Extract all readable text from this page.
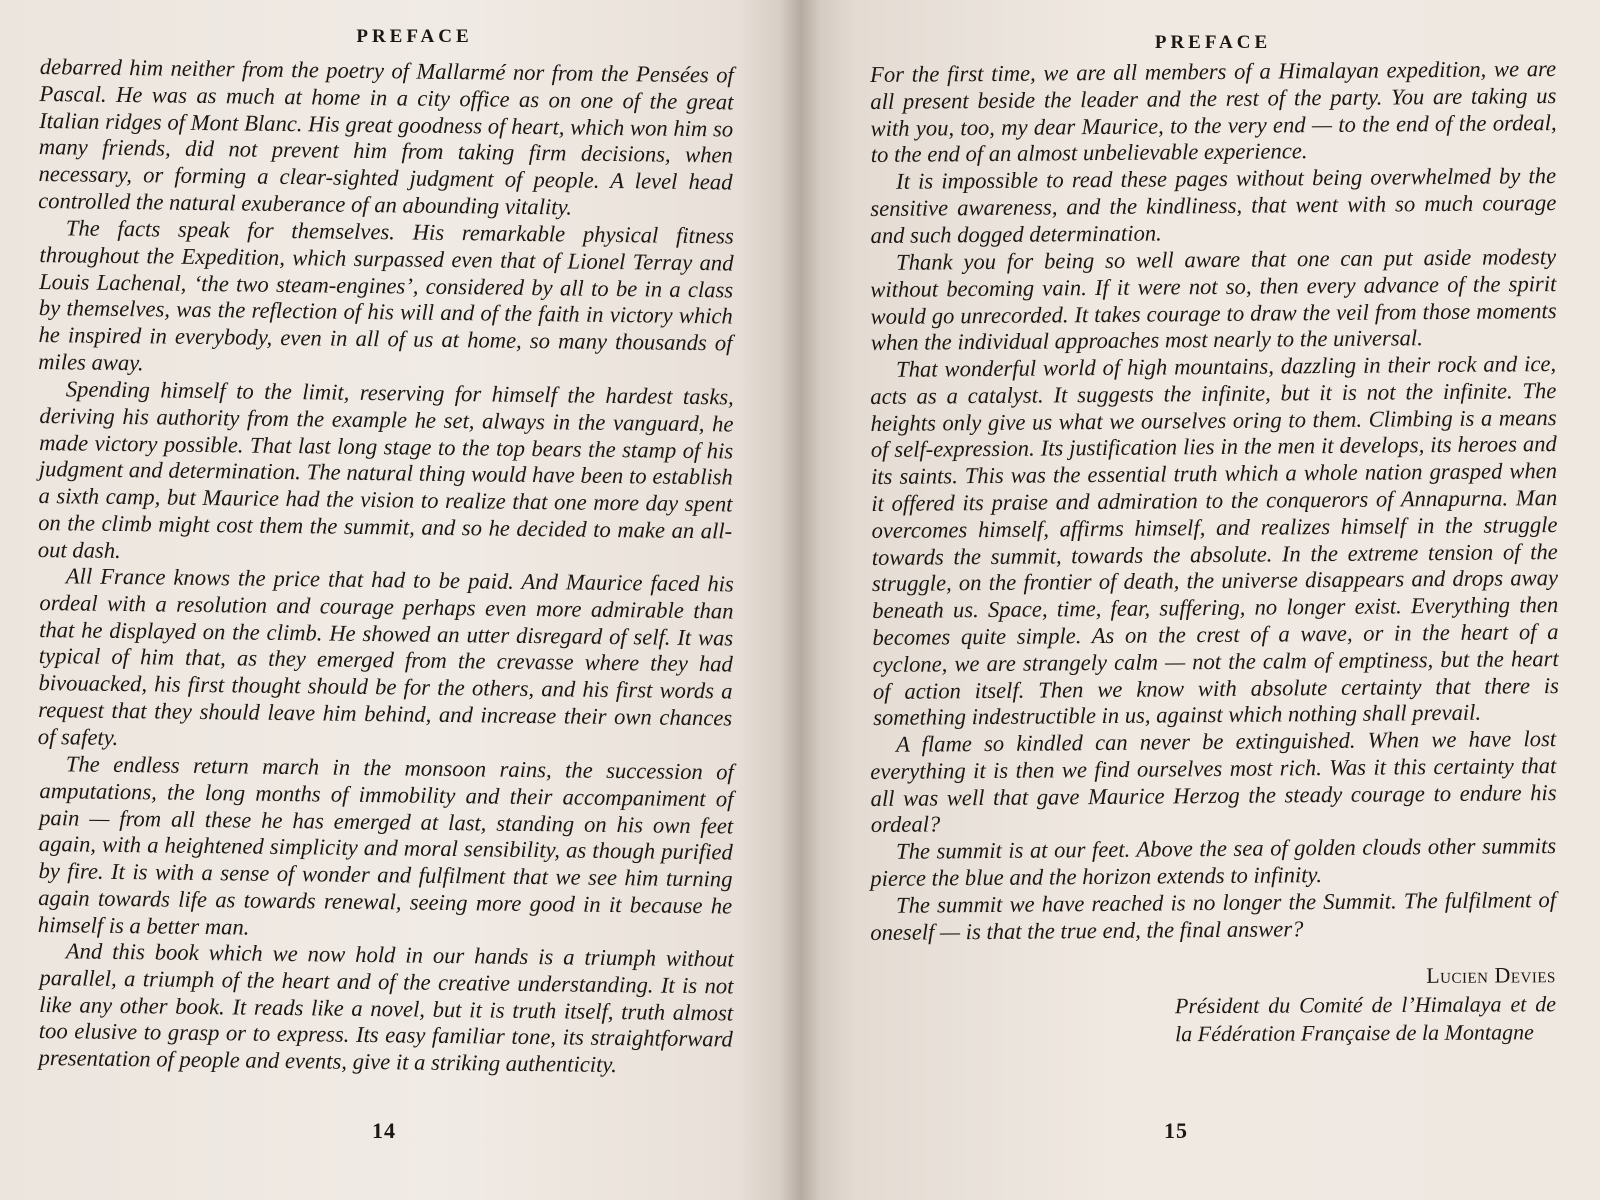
PREFACE

debarred him neither from the poetry of Mallarmé nor from the Pensées of Pascal. He was as much at home in a city office as on one of the great Italian ridges of Mont Blanc. His great goodness of heart, which won him so many friends, did not prevent him from taking firm decisions, when necessary, or forming a clear-sighted judgment of people. A level head controlled the natural exuberance of an abounding vitality.

The facts speak for themselves. His remarkable physical fitness throughout the Expedition, which surpassed even that of Lionel Terray and Louis Lachenal, ‘the two steam-engines’, considered by all to be in a class by themselves, was the reflection of his will and of the faith in victory which he inspired in everybody, even in all of us at home, so many thousands of miles away.

Spending himself to the limit, reserving for himself the hardest tasks, deriving his authority from the example he set, always in the vanguard, he made victory possible. That last long stage to the top bears the stamp of his judgment and determination. The natural thing would have been to establish a sixth camp, but Maurice had the vision to realize that one more day spent on the climb might cost them the summit, and so he decided to make an all-out dash.

All France knows the price that had to be paid. And Maurice faced his ordeal with a resolution and courage perhaps even more admirable than that he displayed on the climb. He showed an utter disregard of self. It was typical of him that, as they emerged from the crevasse where they had bivouacked, his first thought should be for the others, and his first words a request that they should leave him behind, and increase their own chances of safety.

The endless return march in the monsoon rains, the succession of amputations, the long months of immobility and their accompaniment of pain — from all these he has emerged at last, standing on his own feet again, with a heightened simplicity and moral sensibility, as though purified by fire. It is with a sense of wonder and fulfilment that we see him turning again towards life as towards renewal, seeing more good in it because he himself is a better man.

And this book which we now hold in our hands is a triumph without parallel, a triumph of the heart and of the creative understanding. It is not like any other book. It reads like a novel, but it is truth itself, truth almost too elusive to grasp or to express. Its easy familiar tone, its straightforward presentation of people and events, give it a striking authenticity.

14
PREFACE

For the first time, we are all members of a Himalayan expedition, we are all present beside the leader and the rest of the party. You are taking us with you, too, my dear Maurice, to the very end — to the end of the ordeal, to the end of an almost unbelievable experience.

It is impossible to read these pages without being overwhelmed by the sensitive awareness, and the kindliness, that went with so much courage and such dogged determination.

Thank you for being so well aware that one can put aside modesty without becoming vain. If it were not so, then every advance of the spirit would go unrecorded. It takes courage to draw the veil from those moments when the individual approaches most nearly to the universal.

That wonderful world of high mountains, dazzling in their rock and ice, acts as a catalyst. It suggests the infinite, but it is not the infinite. The heights only give us what we ourselves oring to them. Climbing is a means of self-expression. Its justification lies in the men it develops, its heroes and its saints. This was the essential truth which a whole nation grasped when it offered its praise and admiration to the conquerors of Annapurna. Man overcomes himself, affirms himself, and realizes himself in the struggle towards the summit, towards the absolute. In the extreme tension of the struggle, on the frontier of death, the universe disappears and drops away beneath us. Space, time, fear, suffering, no longer exist. Everything then becomes quite simple. As on the crest of a wave, or in the heart of a cyclone, we are strangely calm — not the calm of emptiness, but the heart of action itself. Then we know with absolute certainty that there is something indestructible in us, against which nothing shall prevail.

A flame so kindled can never be extinguished. When we have lost everything it is then we find ourselves most rich. Was it this certainty that all was well that gave Maurice Herzog the steady courage to endure his ordeal?

The summit is at our feet. Above the sea of golden clouds other summits pierce the blue and the horizon extends to infinity.

The summit we have reached is no longer the Summit. The fulfilment of oneself — is that the true end, the final answer?

Lucien Devies
Président du Comité de l’Himalaya et de la Fédération Française de la Montagne
15
